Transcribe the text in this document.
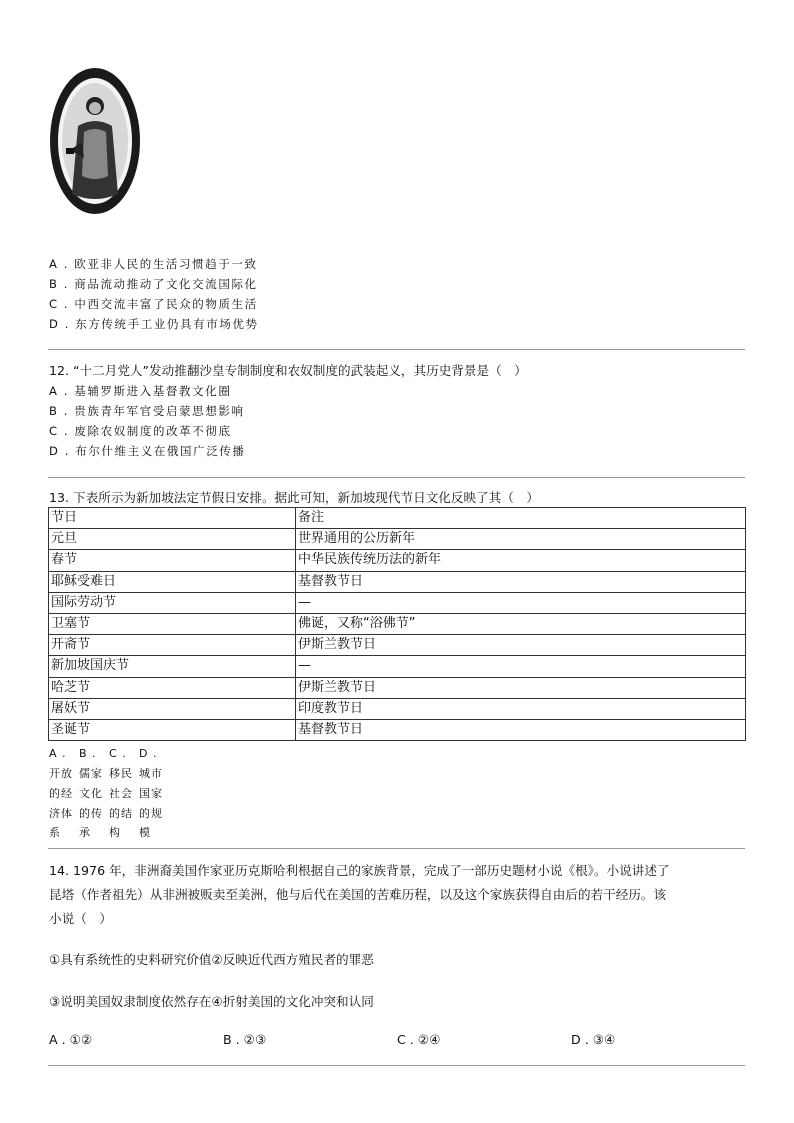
A . 欧亚非人民的生活习惯趋于一致
B . 商品流动推动了文化交流国际化
C . 中西交流丰富了民众的物质生活
D . 东方传统手工业仍具有市场优势
12. “十二月党人”发动推翻沙皇专制制度和农奴制度的武装起义，其历史背景是（　）
A . 基辅罗斯进入基督教文化圈
B . 贵族青年军官受启蒙思想影响
C . 废除农奴制度的改革不彻底
D . 布尔什维主义在俄国广泛传播
13. 下表所示为新加坡法定节假日安排。据此可知，新加坡现代节日文化反映了其（　）
节日	备注
元旦	世界通用的公历新年
春节	中华民族传统历法的新年
耶稣受难日	基督教节日
国际劳动节	—
卫塞节	佛诞，又称“浴佛节”
开斋节	伊斯兰教节日
新加坡国庆节	—
哈芝节	伊斯兰教节日
屠妖节	印度教节日
圣诞节	基督教节日
A .	B .	C .	D .
开放 儒家 移民 城市
的经 文化 社会 国家
济体 的传 的结 的规
系	承	构	模
14. 1976 年，非洲裔美国作家亚历克斯哈利根据自己的家族背景，完成了一部历史题材小说《根》。小说讲述了
昆塔（作者祖先）从非洲被贩卖至美洲，他与后代在美国的苦难历程，以及这个家族获得自由后的若干经历。该
小说（　）
①具有系统性的史料研究价值②反映近代西方殖民者的罪恶
③说明美国奴隶制度依然存在④折射美国的文化冲突和认同
A . ①②	B . ②③	C . ②④	D . ③④
